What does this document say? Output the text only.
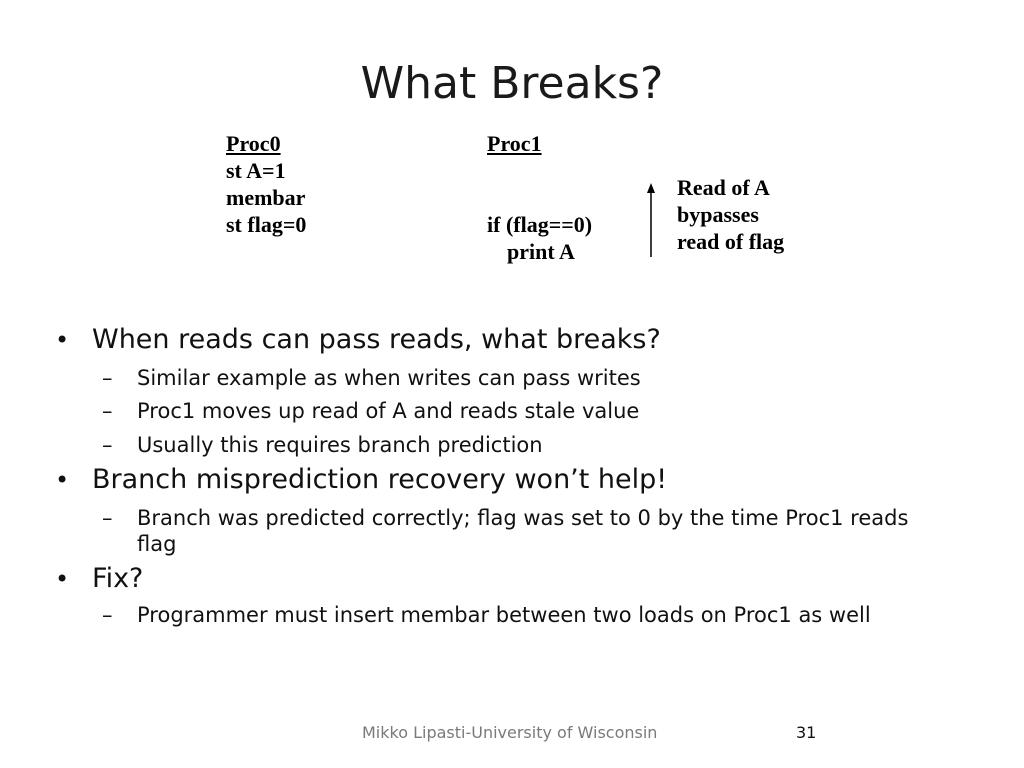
What Breaks?
Proc0
st A=1
membar
st flag=0
Proc1
if (flag==0)
print A
Read of A
bypasses
read of flag
• When reads can pass reads, what breaks?
– Similar example as when writes can pass writes
– Proc1 moves up read of A and reads stale value
– Usually this requires branch prediction
• Branch misprediction recovery won’t help!
– Branch was predicted correctly; flag was set to 0 by the time Proc1 reads flag
• Fix?
– Programmer must insert membar between two loads on Proc1 as well
Mikko Lipasti-University of Wisconsin	31
